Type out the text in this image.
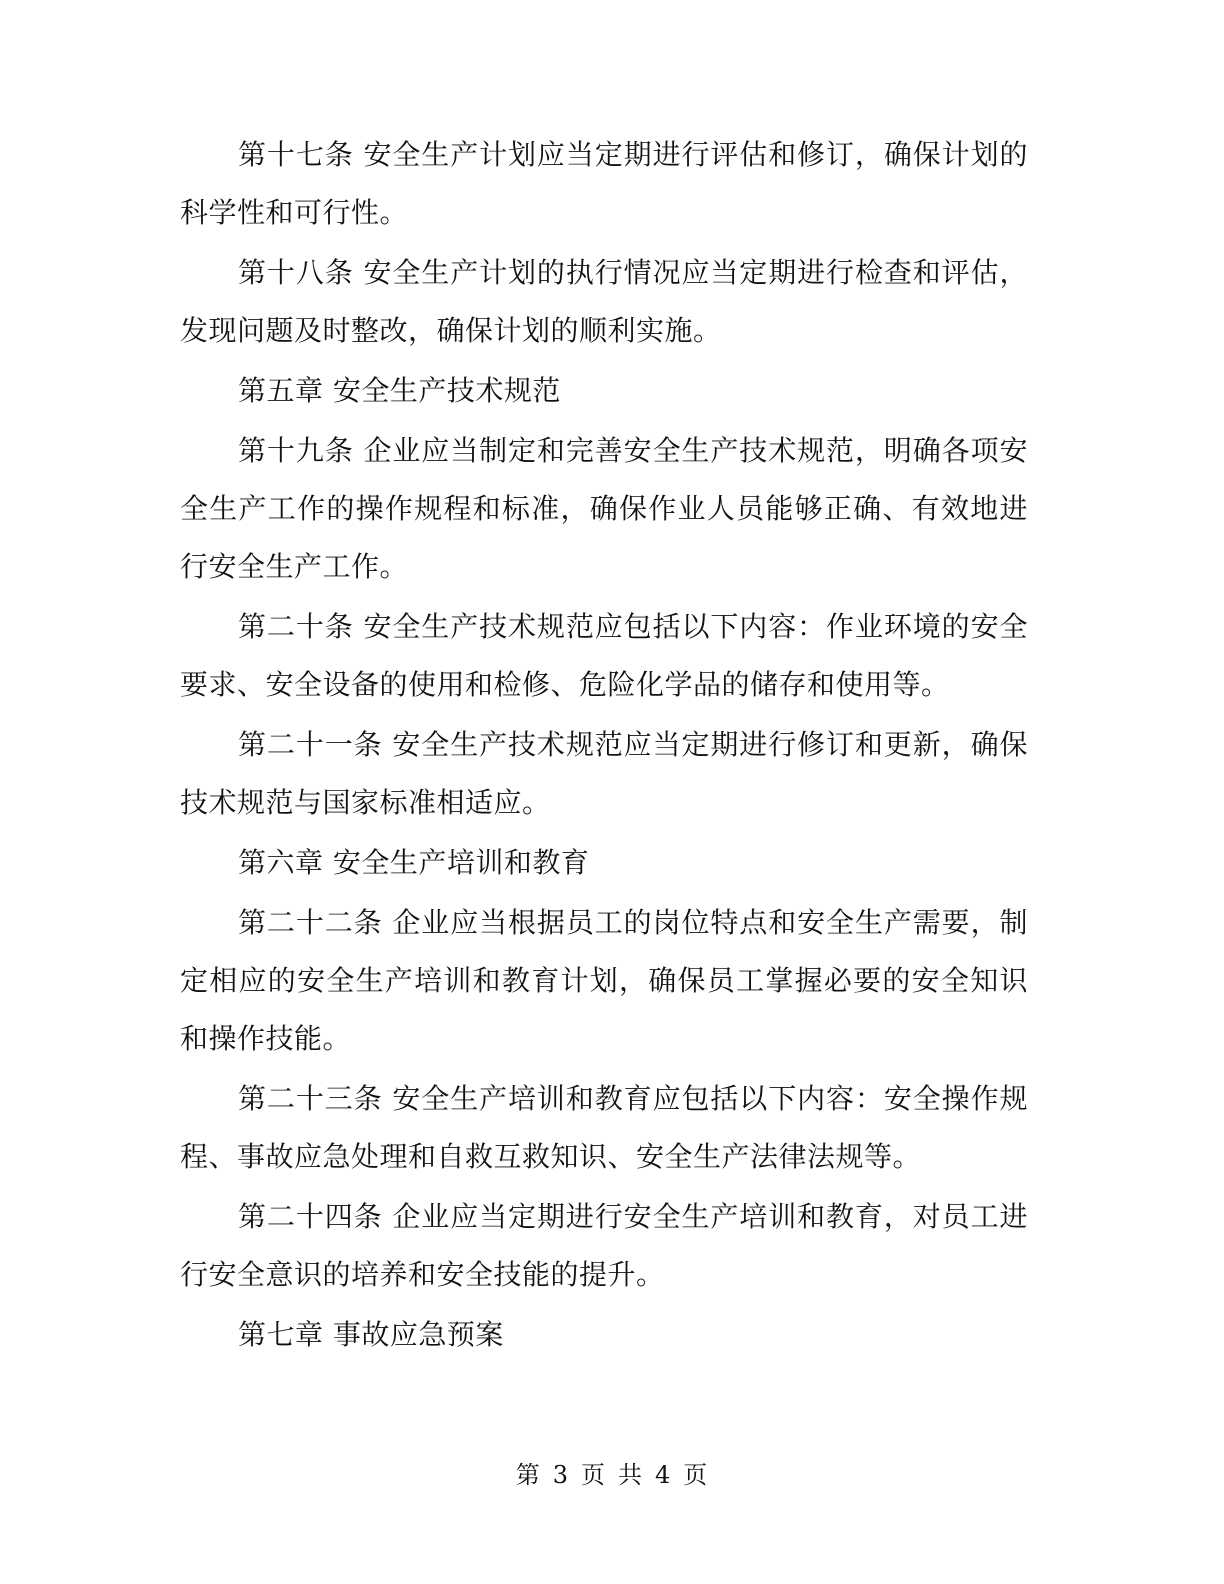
第十七条 安全生产计划应当定期进行评估和修订，确保计划的科学性和可行性。

第十八条 安全生产计划的执行情况应当定期进行检查和评估，发现问题及时整改，确保计划的顺利实施。

第五章 安全生产技术规范

第十九条 企业应当制定和完善安全生产技术规范，明确各项安全生产工作的操作规程和标准，确保作业人员能够正确、有效地进行安全生产工作。

第二十条 安全生产技术规范应包括以下内容：作业环境的安全要求、安全设备的使用和检修、危险化学品的储存和使用等。

第二十一条 安全生产技术规范应当定期进行修订和更新，确保技术规范与国家标准相适应。

第六章 安全生产培训和教育

第二十二条 企业应当根据员工的岗位特点和安全生产需要，制定相应的安全生产培训和教育计划，确保员工掌握必要的安全知识和操作技能。

第二十三条 安全生产培训和教育应包括以下内容：安全操作规程、事故应急处理和自救互救知识、安全生产法律法规等。

第二十四条 企业应当定期进行安全生产培训和教育，对员工进行安全意识的培养和安全技能的提升。

第七章 事故应急预案

第 3 页 共 4 页
